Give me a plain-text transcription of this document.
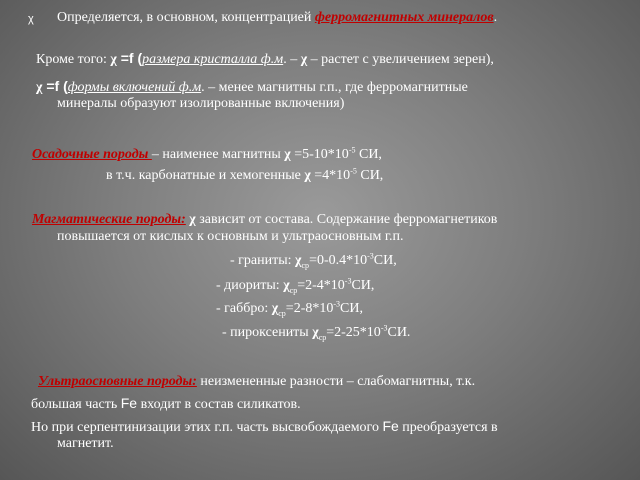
χ Определяется, в основном, концентрацией ферромагнитных минералов.
Кроме того: χ =f (размера кристалла ф.м. – χ – растет с увеличением зерен),
χ =f (формы включений ф.м. – менее магнитны г.п., где ферромагнитные
минералы образуют изолированные включения)
Осадочные породы – наименее магнитны $\chi =5-10*10^{-5}$ СИ,
в т.ч. карбонатные и хемогенные $\chi =4*10^{-5}$ СИ,
Магматические породы: χ зависит от состава. Содержание ферромагнетиков
повышается от кислых к основным и ультраосновным г.п.
- граниты: $\chi_{ср}=0-0.4*10^{-3}СИ$,
- диориты: $\chi_{ср}=2-4*10^{-3}СИ$,
- габбро: $\chi_{ср}=2-8*10^{-3}СИ$,
- пироксениты $\chi_{ср}=2-25*10^{-3}СИ$.
Ультраосновные породы: неизмененные разности – слабомагнитны, т.к.
большая часть Fe входит в состав силикатов.
Но при серпентинизации этих г.п. часть высвобождаемого Fe преобразуется в
магнетит.
